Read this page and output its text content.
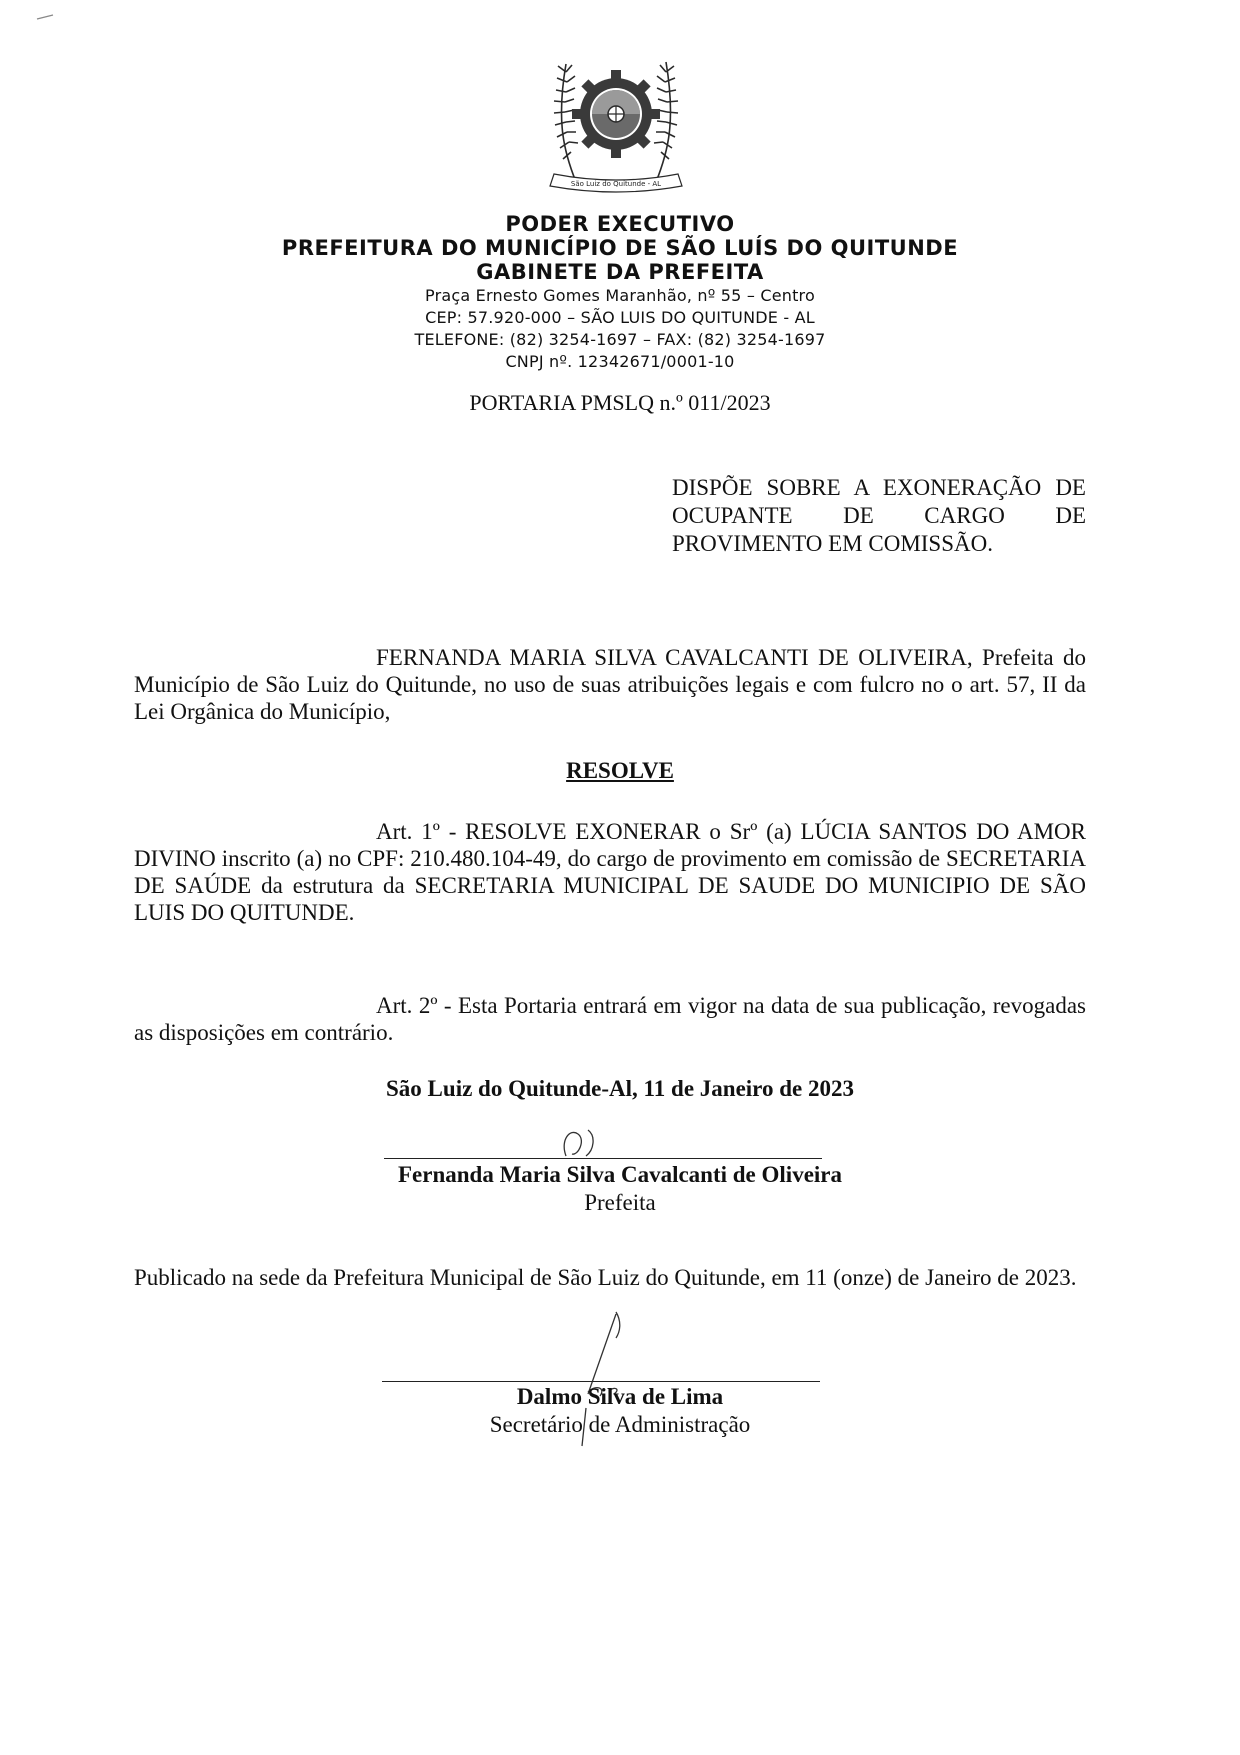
São Luiz do Quitunde - AL
PODER EXECUTIVO
PREFEITURA DO MUNICÍPIO DE SÃO LUÍS DO QUITUNDE
GABINETE DA PREFEITA
Praça Ernesto Gomes Maranhão, nº 55 – Centro
CEP: 57.920-000 – SÃO LUIS DO QUITUNDE - AL
TELEFONE: (82) 3254-1697 – FAX: (82) 3254-1697
CNPJ nº. 12342671/0001-10
PORTARIA PMSLQ n.º 011/2023
DISPÕE SOBRE A EXONERAÇÃO DE OCUPANTE DE CARGO DE PROVIMENTO EM COMISSÃO.
FERNANDA MARIA SILVA CAVALCANTI DE OLIVEIRA, Prefeita do Município de São Luiz do Quitunde, no uso de suas atribuições legais e com fulcro no o art. 57, II da Lei Orgânica do Município,
RESOLVE
Art. 1º - RESOLVE EXONERAR o Srº (a) LÚCIA SANTOS DO AMOR DIVINO inscrito (a) no CPF: 210.480.104-49, do cargo de provimento em comissão de SECRETARIA DE SAÚDE da estrutura da SECRETARIA MUNICIPAL DE SAUDE DO MUNICIPIO DE SÃO LUIS DO QUITUNDE.
Art. 2º - Esta Portaria entrará em vigor na data de sua publicação, revogadas as disposições em contrário.
São Luiz do Quitunde-Al, 11 de Janeiro de 2023
Fernanda Maria Silva Cavalcanti de Oliveira
Prefeita
Publicado na sede da Prefeitura Municipal de São Luiz do Quitunde, em 11 (onze) de Janeiro de 2023.
Dalmo Silva de Lima
Secretário de Administração
